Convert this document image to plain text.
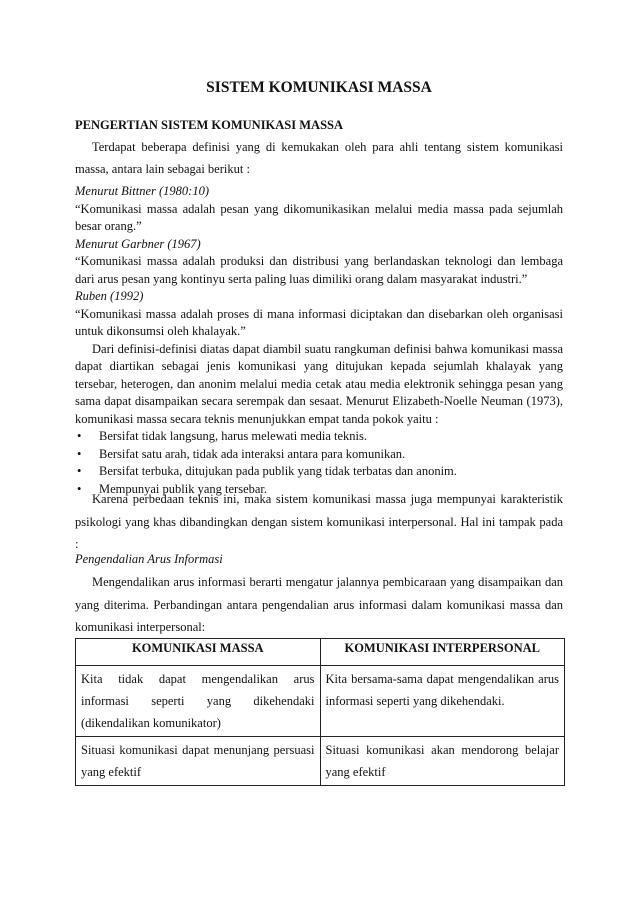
SISTEM KOMUNIKASI MASSA
PENGERTIAN SISTEM KOMUNIKASI MASSA

Terdapat beberapa definisi yang di kemukakan oleh para ahli tentang sistem komunikasi massa, antara lain sebagai berikut :

Menurut Bittner (1980:10)

“Komunikasi massa adalah pesan yang dikomunikasikan melalui media massa pada sejumlah besar orang.”

Menurut Garbner (1967)

“Komunikasi massa adalah produksi dan distribusi yang berlandaskan teknologi dan lembaga dari arus pesan yang kontinyu serta paling luas dimiliki orang dalam masyarakat industri.”

Ruben (1992)

“Komunikasi massa adalah proses di mana informasi diciptakan dan disebarkan oleh organisasi untuk dikonsumsi oleh khalayak.”

Dari definisi-definisi diatas dapat diambil suatu rangkuman definisi bahwa komunikasi massa dapat diartikan sebagai jenis komunikasi yang ditujukan kepada sejumlah khalayak yang tersebar, heterogen, dan anonim melalui media cetak atau media elektronik sehingga pesan yang sama dapat disampaikan secara serempak dan sesaat. Menurut Elizabeth-Noelle Neuman (1973), komunikasi massa secara teknis menunjukkan empat tanda pokok yaitu :

• Bersifat tidak langsung, harus melewati media teknis.
• Bersifat satu arah, tidak ada interaksi antara para komunikan.
• Bersifat terbuka, ditujukan pada publik yang tidak terbatas dan anonim.
• Mempunyai publik yang tersebar.

Karena perbedaan teknis ini, maka sistem komunikasi massa juga mempunyai karakteristik psikologi yang khas dibandingkan dengan sistem komunikasi interpersonal. Hal ini tampak pada :

Pengendalian Arus Informasi

Mengendalikan arus informasi berarti mengatur jalannya pembicaraan yang disampaikan dan yang diterima. Perbandingan antara pengendalian arus informasi dalam komunikasi massa dan komunikasi interpersonal:

KOMUNIKASI MASSA	KOMUNIKASI INTERPERSONAL
Kita tidak dapat mengendalikan arus informasi seperti yang dikehendaki (dikendalikan komunikator)	Kita bersama-sama dapat mengendalikan arus informasi seperti yang dikehendaki.
Situasi komunikasi dapat menunjang persuasi yang efektif	Situasi komunikasi akan mendorong belajar yang efektif
